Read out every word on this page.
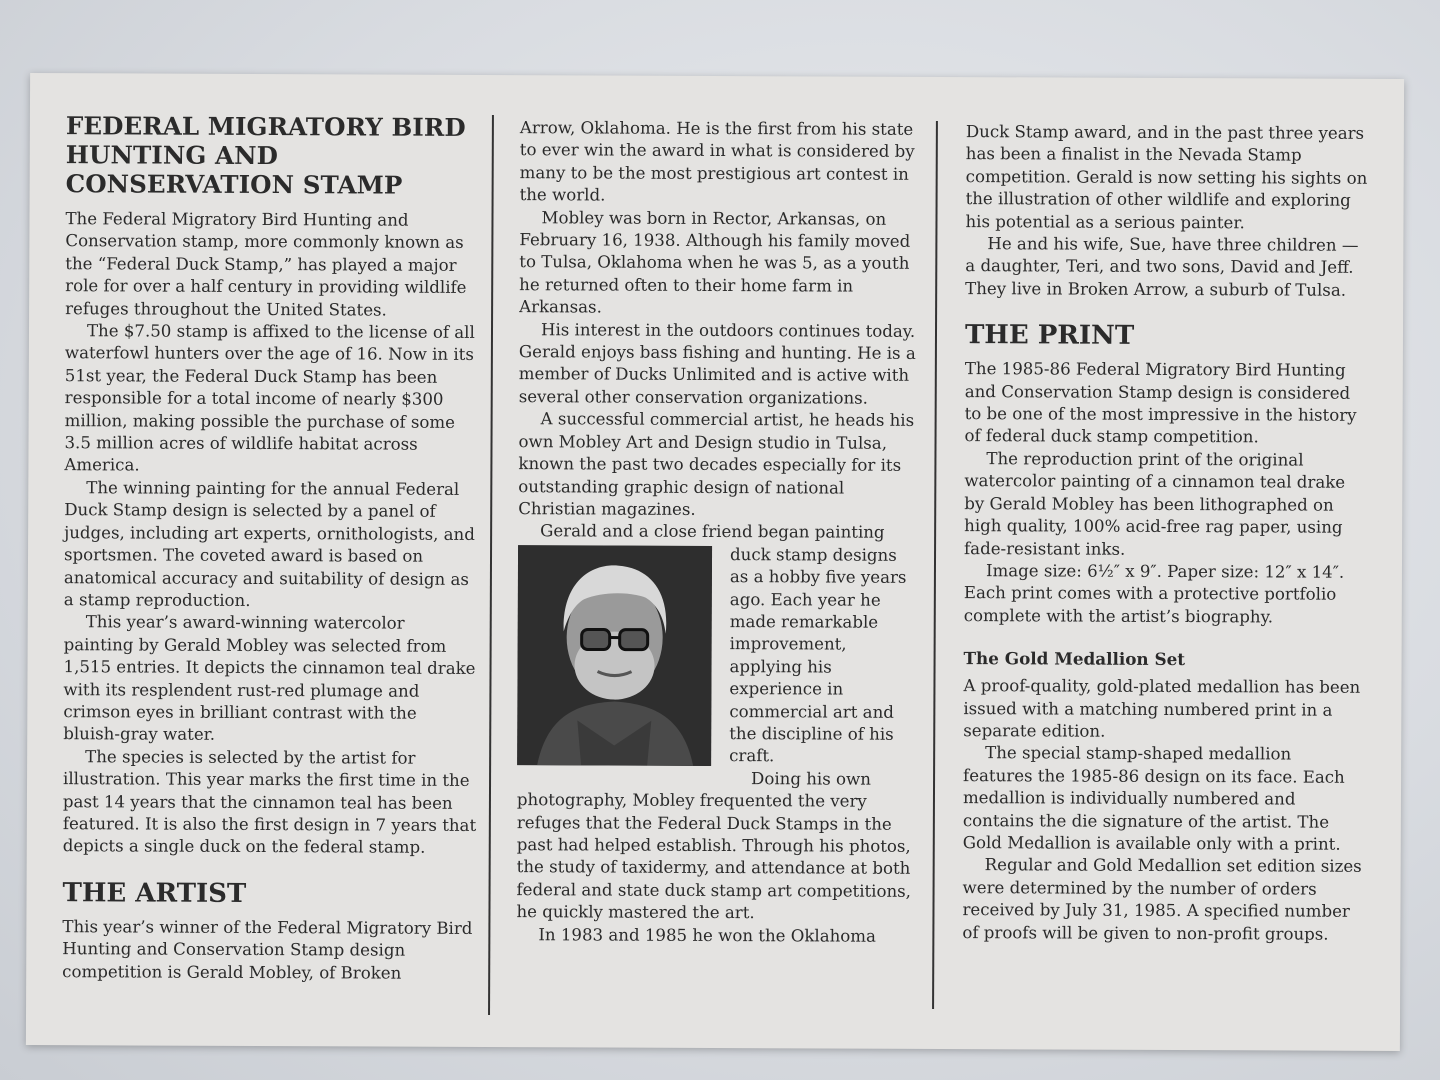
FEDERAL MIGRATORY BIRD HUNTING AND CONSERVATION STAMP

The Federal Migratory Bird Hunting and Conservation stamp, more commonly known as the “Federal Duck Stamp,” has played a major role for over a half century in providing wildlife refuges throughout the United States.

The $7.50 stamp is affixed to the license of all waterfowl hunters over the age of 16. Now in its 51st year, the Federal Duck Stamp has been responsible for a total income of nearly $300 million, making possible the purchase of some 3.5 million acres of wildlife habitat across America.

The winning painting for the annual Federal Duck Stamp design is selected by a panel of judges, including art experts, ornithologists, and sportsmen. The coveted award is based on anatomical accuracy and suitability of design as a stamp reproduction.

This year’s award-winning watercolor painting by Gerald Mobley was selected from 1,515 entries. It depicts the cinnamon teal drake with its resplendent rust-red plumage and crimson eyes in brilliant contrast with the bluish-gray water.

The species is selected by the artist for illustration. This year marks the first time in the past 14 years that the cinnamon teal has been featured. It is also the first design in 7 years that depicts a single duck on the federal stamp.

THE ARTIST

This year’s winner of the Federal Migratory Bird Hunting and Conservation Stamp design competition is Gerald Mobley, of Broken

Arrow, Oklahoma. He is the first from his state to ever win the award in what is considered by many to be the most prestigious art contest in the world.

Mobley was born in Rector, Arkansas, on February 16, 1938. Although his family moved to Tulsa, Oklahoma when he was 5, as a youth he returned often to their home farm in Arkansas.

His interest in the outdoors continues today. Gerald enjoys bass fishing and hunting. He is a member of Ducks Unlimited and is active with several other conservation organizations.

A successful commercial artist, he heads his own Mobley Art and Design studio in Tulsa, known the past two decades especially for its outstanding graphic design of national Christian magazines.

Gerald and a close friend began painting

duck stamp designs as a hobby five years ago. Each year he made remarkable improvement, applying his experience in commercial art and the discipline of his craft.

Doing his own photography, Mobley frequented the very refuges that the Federal Duck Stamps in the past had helped establish. Through his photos, the study of taxidermy, and attendance at both federal and state duck stamp art competitions, he quickly mastered the art.

In 1983 and 1985 he won the Oklahoma

Duck Stamp award, and in the past three years has been a finalist in the Nevada Stamp competition. Gerald is now setting his sights on the illustration of other wildlife and exploring his potential as a serious painter.

He and his wife, Sue, have three children — a daughter, Teri, and two sons, David and Jeff. They live in Broken Arrow, a suburb of Tulsa.

THE PRINT

The 1985-86 Federal Migratory Bird Hunting and Conservation Stamp design is considered to be one of the most impressive in the history of federal duck stamp competition.

The reproduction print of the original watercolor painting of a cinnamon teal drake by Gerald Mobley has been lithographed on high quality, 100% acid-free rag paper, using fade-resistant inks.

Image size: 6½″ x 9″. Paper size: 12″ x 14″. Each print comes with a protective portfolio complete with the artist’s biography.

The Gold Medallion Set

A proof-quality, gold-plated medallion has been issued with a matching numbered print in a separate edition.

The special stamp-shaped medallion features the 1985-86 design on its face. Each medallion is individually numbered and contains the die signature of the artist. The Gold Medallion is available only with a print.

Regular and Gold Medallion set edition sizes were determined by the number of orders received by July 31, 1985. A specified number of proofs will be given to non-profit groups.
